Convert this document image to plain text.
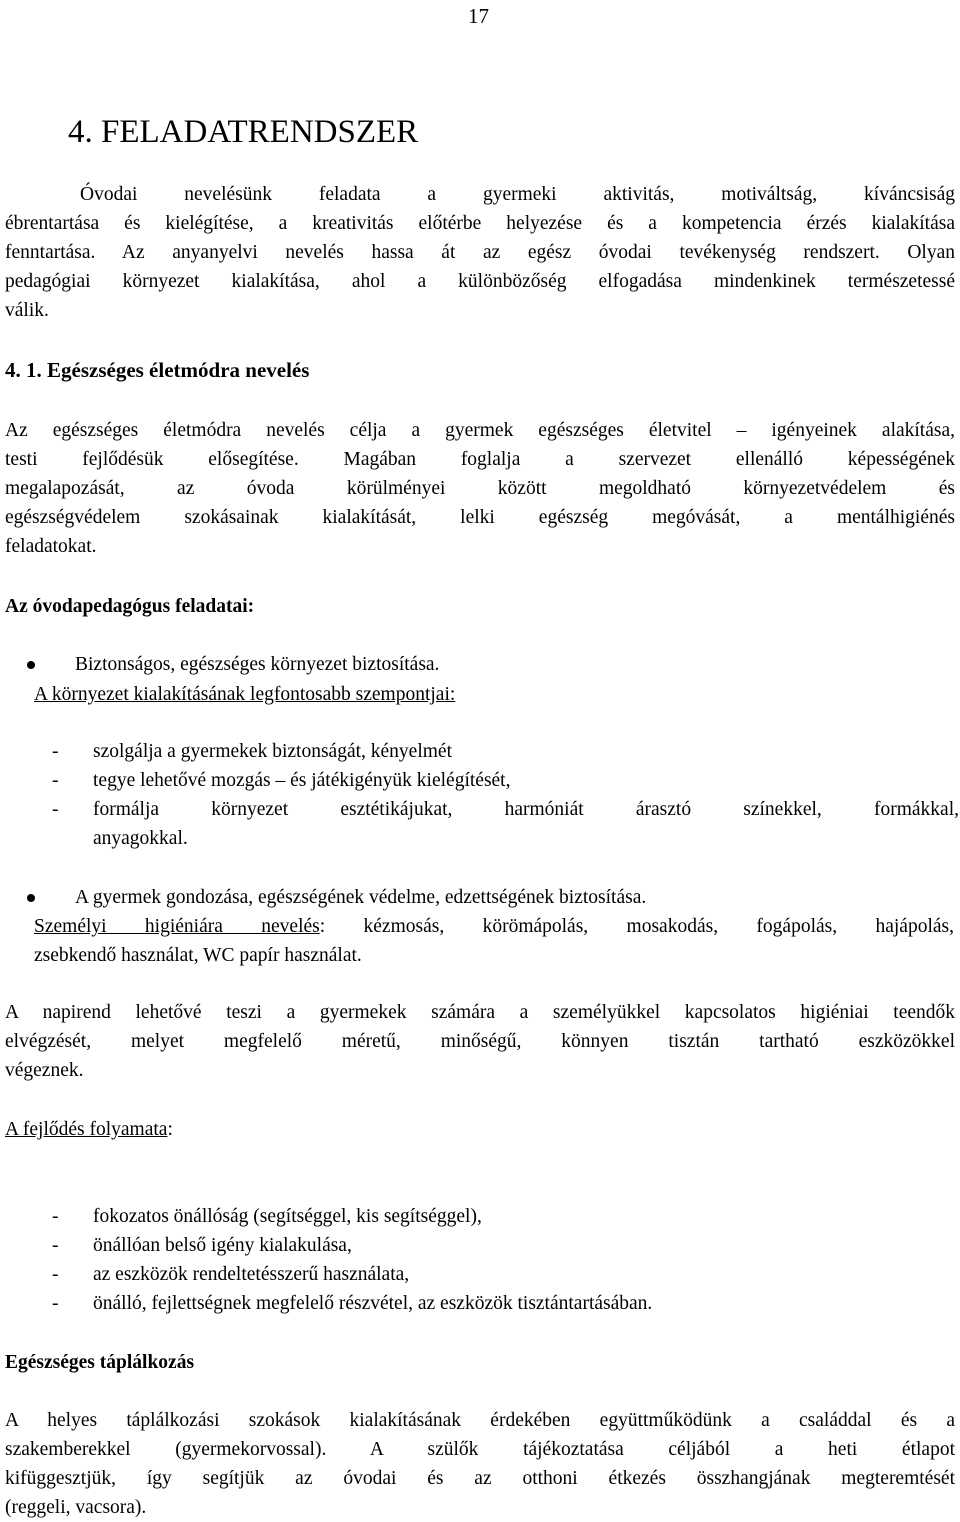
17
4. FELADATRENDSZER
Óvodai nevelésünk feladata a gyermeki aktivitás, motiváltság, kíváncsiság
ébrentartása és kielégítése, a kreativitás előtérbe helyezése és a kompetencia érzés kialakítása
fenntartása. Az anyanyelvi nevelés hassa át az egész óvodai tevékenység rendszert. Olyan
pedagógiai környezet kialakítása, ahol a különbözőség elfogadása mindenkinek természetessé
válik.
4. 1. Egészséges életmódra nevelés
Az egészséges életmódra nevelés célja a gyermek egészséges életvitel – igényeinek alakítása,
testi fejlődésük elősegítése. Magában foglalja a szervezet ellenálló képességének
megalapozását, az óvoda körülményei között megoldható környezetvédelem és
egészségvédelem szokásainak kialakítását, lelki egészség megóvását, a mentálhigiénés
feladatokat.
Az óvodapedagógus feladatai:
Biztonságos, egészséges környezet biztosítása.
A környezet kialakításának legfontosabb szempontjai:
- szolgálja a gyermekek biztonságát, kényelmét
- tegye lehetővé mozgás – és játékigényük kielégítését,
- formálja környezet esztétikájukat, harmóniát árasztó színekkel, formákkal,
anyagokkal.
A gyermek gondozása, egészségének védelme, edzettségének biztosítása.
Személyi higiéniára nevelés: kézmosás, körömápolás, mosakodás, fogápolás, hajápolás,
zsebkendő használat, WC papír használat.
A napirend lehetővé teszi a gyermekek számára a személyükkel kapcsolatos higiéniai teendők
elvégzését, melyet megfelelő méretű, minőségű, könnyen tisztán tartható eszközökkel
végeznek.
A fejlődés folyamata:
- fokozatos önállóság (segítséggel, kis segítséggel),
- önállóan belső igény kialakulása,
- az eszközök rendeltetésszerű használata,
- önálló, fejlettségnek megfelelő részvétel, az eszközök tisztántartásában.
Egészséges táplálkozás
A helyes táplálkozási szokások kialakításának érdekében együttműködünk a családdal és a
szakemberekkel (gyermekorvossal). A szülők tájékoztatása céljából a heti étlapot
kifüggesztjük, így segítjük az óvodai és az otthoni étkezés összhangjának megteremtését
(reggeli, vacsora).
